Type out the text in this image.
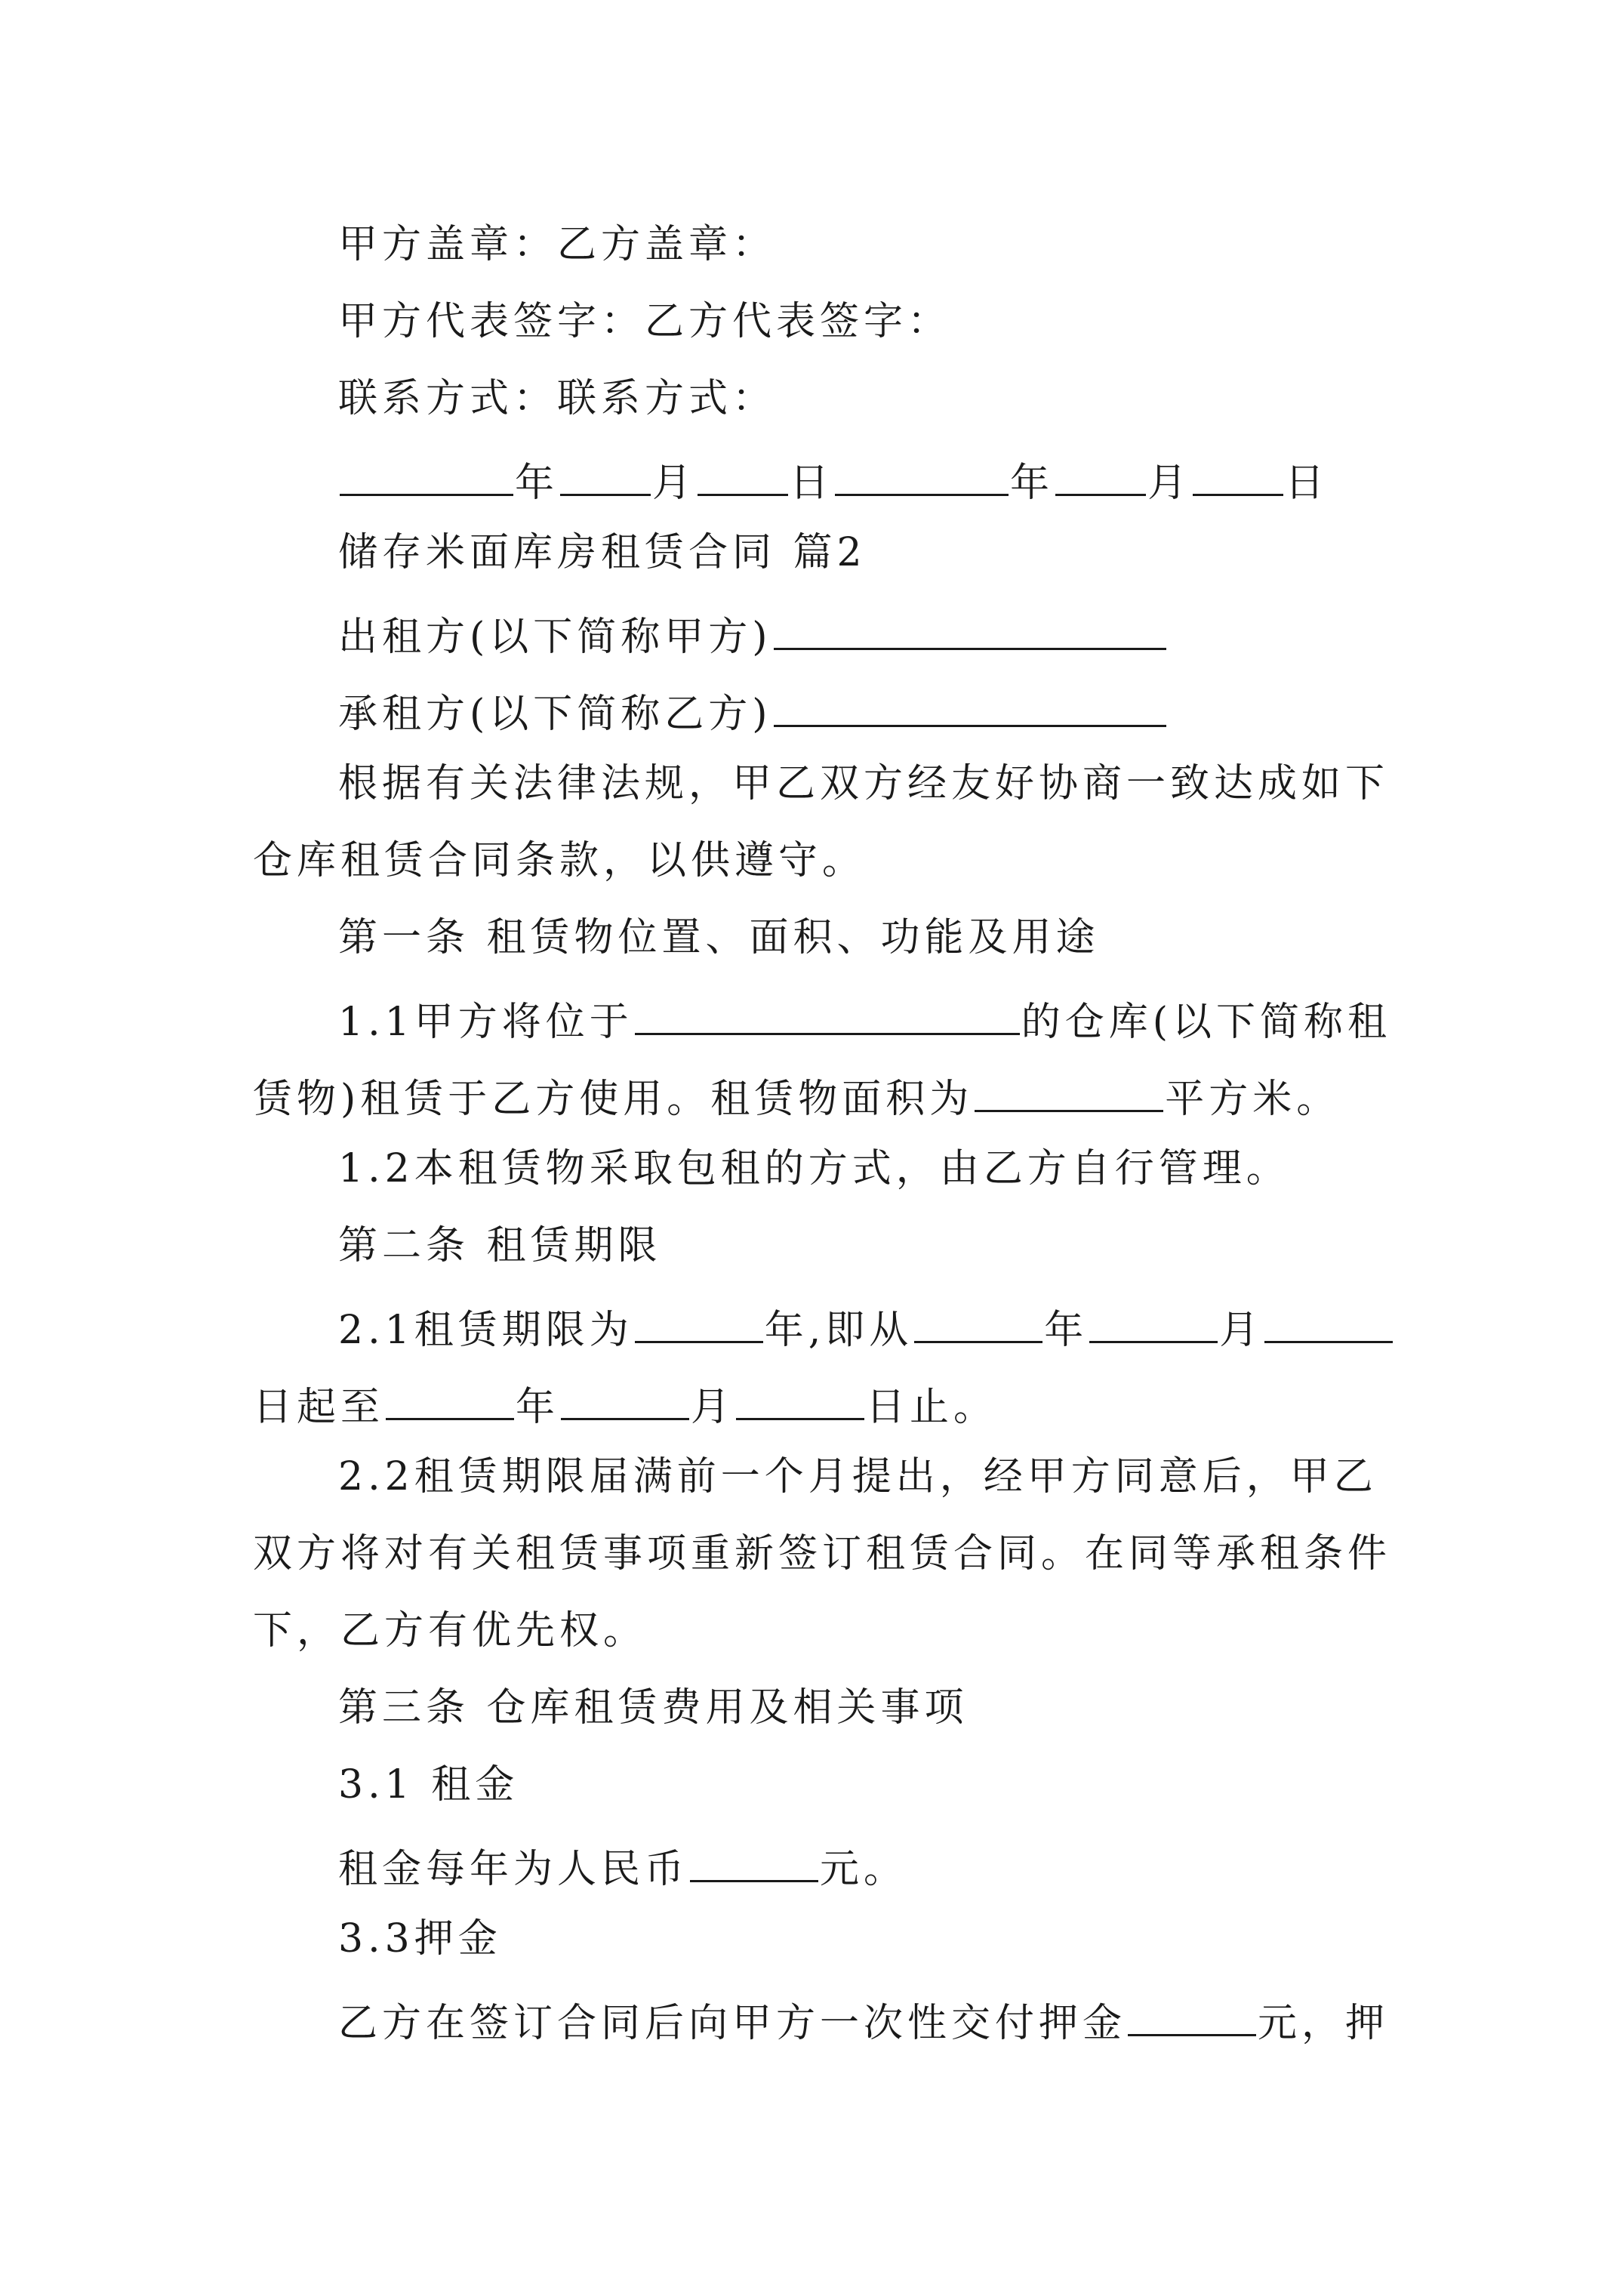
甲方盖章：乙方盖章：
甲方代表签字：乙方代表签字：
联系方式：联系方式：
年 月 日	年 月 日
储存米面库房租赁合同 篇2
出租方(以下简称甲方)
承租方(以下简称乙方)
根据有关法律法规，甲乙双方经友好协商一致达成如下
仓库租赁合同条款，以供遵守。
第一条 租赁物位置、面积、功能及用途
1.1甲方将位于	的仓库(以下简称租
赁物)租赁于乙方使用。租赁物面积为	平方米。
1.2本租赁物采取包租的方式，由乙方自行管理。
第二条 租赁期限
2.1租赁期限为	年,即从	年	月
日起至	年	月	日止。
2.2租赁期限届满前一个月提出，经甲方同意后，甲乙
双方将对有关租赁事项重新签订租赁合同。在同等承租条件
下，乙方有优先权。
第三条 仓库租赁费用及相关事项
3.1 租金
租金每年为人民币	元。
3.3押金
乙方在签订合同后向甲方一次性交付押金	元，押
